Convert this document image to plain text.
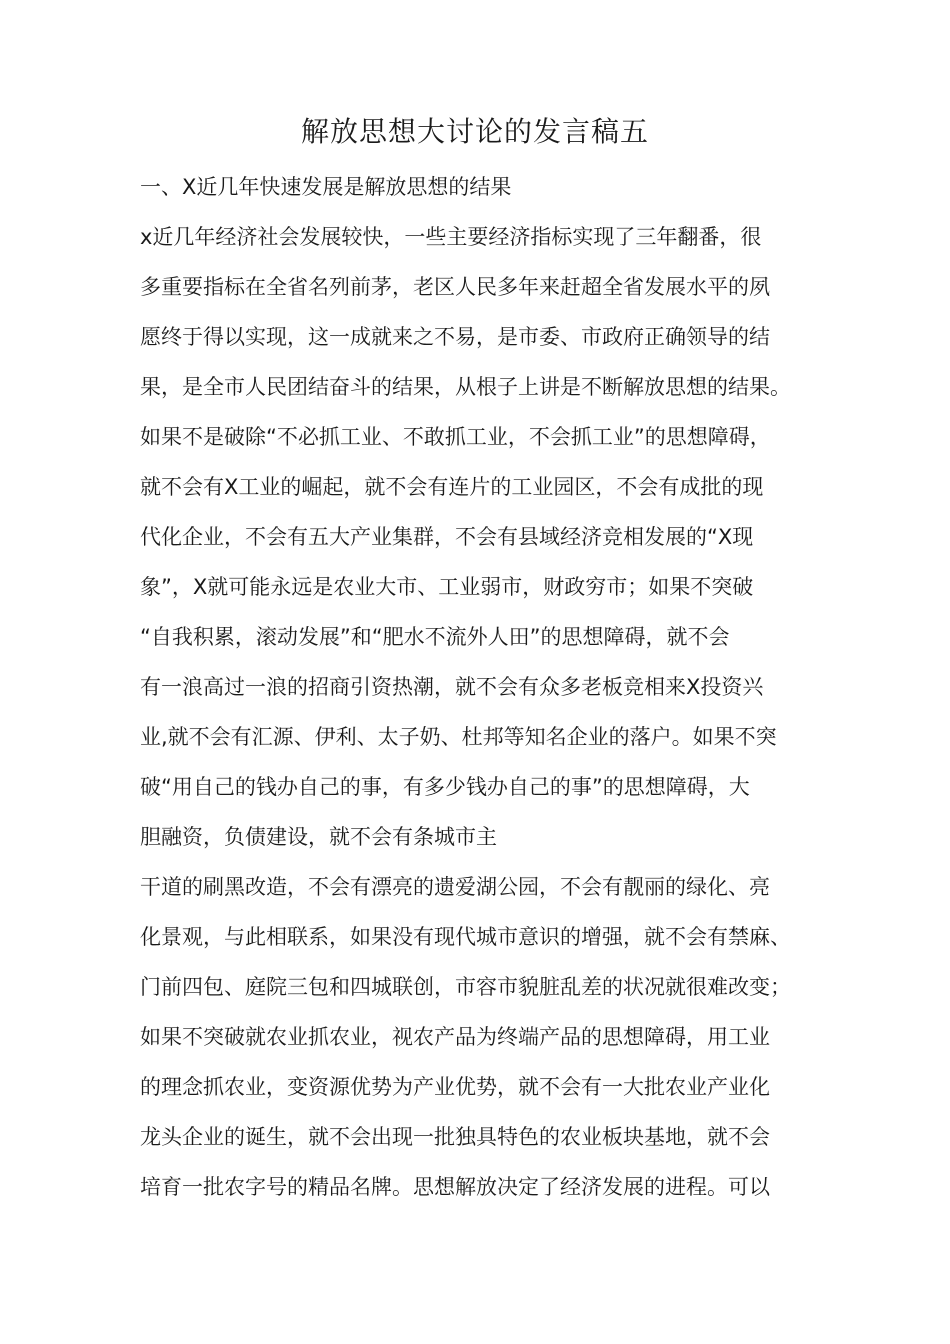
解放思想大讨论的发言稿五
一、X近几年快速发展是解放思想的结果

x近几年经济社会发展较快，一些主要经济指标实现了三年翻番，很

多重要指标在全省名列前茅，老区人民多年来赶超全省发展水平的夙

愿终于得以实现，这一成就来之不易，是市委、市政府正确领导的结

果，是全市人民团结奋斗的结果，从根子上讲是不断解放思想的结果。

如果不是破除“不必抓工业、不敢抓工业，不会抓工业”的思想障碍，

就不会有X工业的崛起，就不会有连片的工业园区，不会有成批的现

代化企业，不会有五大产业集群，不会有县域经济竞相发展的“X现

象”，X就可能永远是农业大市、工业弱市，财政穷市；如果不突破

“自我积累，滚动发展”和“肥水不流外人田”的思想障碍，就不会

有一浪高过一浪的招商引资热潮，就不会有众多老板竞相来X投资兴

业,就不会有汇源、伊利、太子奶、杜邦等知名企业的落户。如果不突

破“用自己的钱办自己的事，有多少钱办自己的事”的思想障碍，大

胆融资，负债建设，就不会有条城市主

干道的刷黑改造，不会有漂亮的遗爱湖公园，不会有靓丽的绿化、亮

化景观，与此相联系，如果没有现代城市意识的增强，就不会有禁麻、

门前四包、庭院三包和四城联创，市容市貌脏乱差的状况就很难改变；

如果不突破就农业抓农业，视农产品为终端产品的思想障碍，用工业

的理念抓农业，变资源优势为产业优势，就不会有一大批农业产业化

龙头企业的诞生，就不会出现一批独具特色的农业板块基地，就不会

培育一批农字号的精品名牌。思想解放决定了经济发展的进程。可以
